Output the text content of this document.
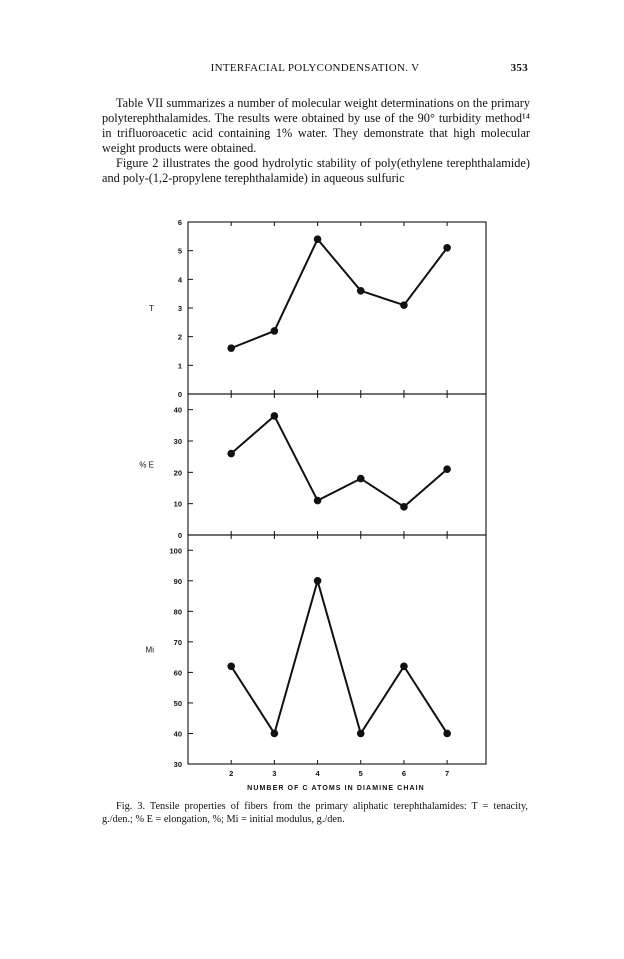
INTERFACIAL POLYCONDENSATION. V	353

Table VII summarizes a number of molecular weight determinations on the primary polyterephthalamides. The results were obtained by use of the 90° turbidity method¹⁴ in trifluoroacetic acid containing 1% water. They demonstrate that high molecular weight products were obtained.

Figure 2 illustrates the good hydrolytic stability of poly(ethylene terephthalamide) and poly-(1,2-propylene terephthalamide) in aqueous sulfuric

0
1
2
3
4
5
6
T
0
10
20
30
40
% E
30
40
50
60
70
80
90
100
Mi
2	3	4	5	6	7
NUMBER OF C ATOMS IN DIAMINE CHAIN
Fig. 3. Tensile properties of fibers from the primary aliphatic terephthalamides: T = tenacity, g./den.; % E = elongation, %; Mi = initial modulus, g./den.
